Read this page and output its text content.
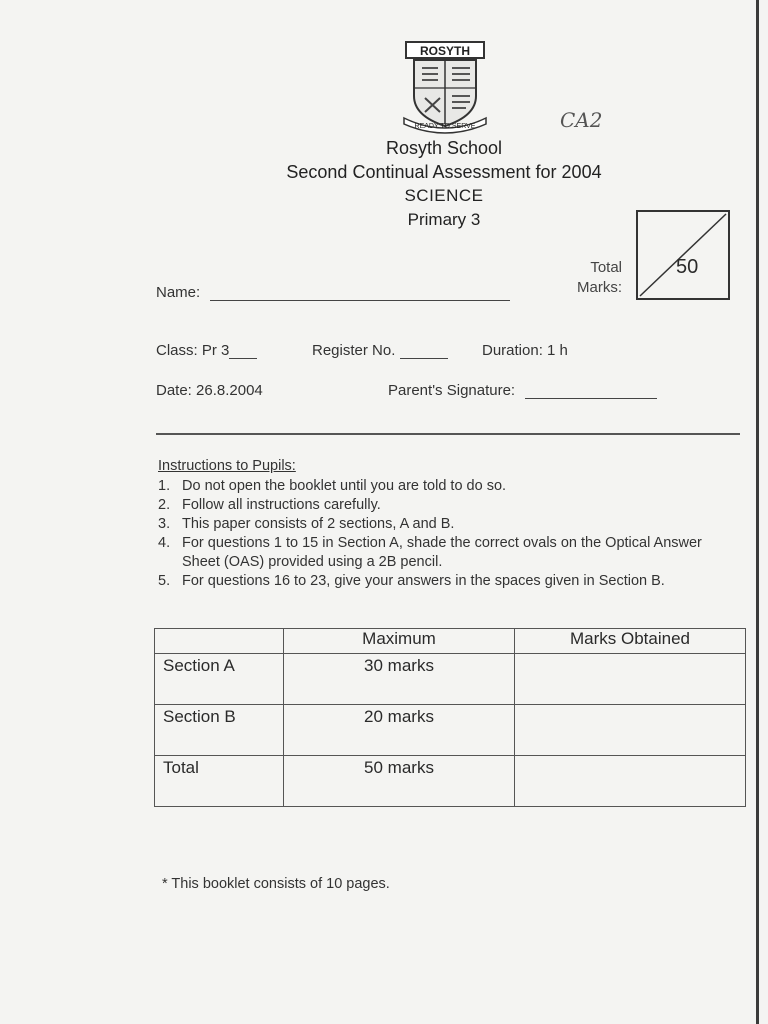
ROSYTH
READY TO SERVE	CA2
Rosyth School
Second Continual Assessment for 2004
SCIENCE
Primary 3
Total
Marks:
50
Name:
Class: Pr 3	Register No.	Duration: 1 h
Date: 26.8.2004	Parent's Signature:
Instructions to Pupils:
1. Do not open the booklet until you are told to do so.
2. Follow all instructions carefully.
3. This paper consists of 2 sections, A and B.
4. For questions 1 to 15 in Section A, shade the correct ovals on the Optical Answer Sheet (OAS) provided using a 2B pencil.
5. For questions 16 to 23, give your answers in the spaces given in Section B.
	Maximum	Marks Obtained
Section A	30 marks	
Section B	20 marks	
Total	50 marks	
* This booklet consists of 10 pages.
